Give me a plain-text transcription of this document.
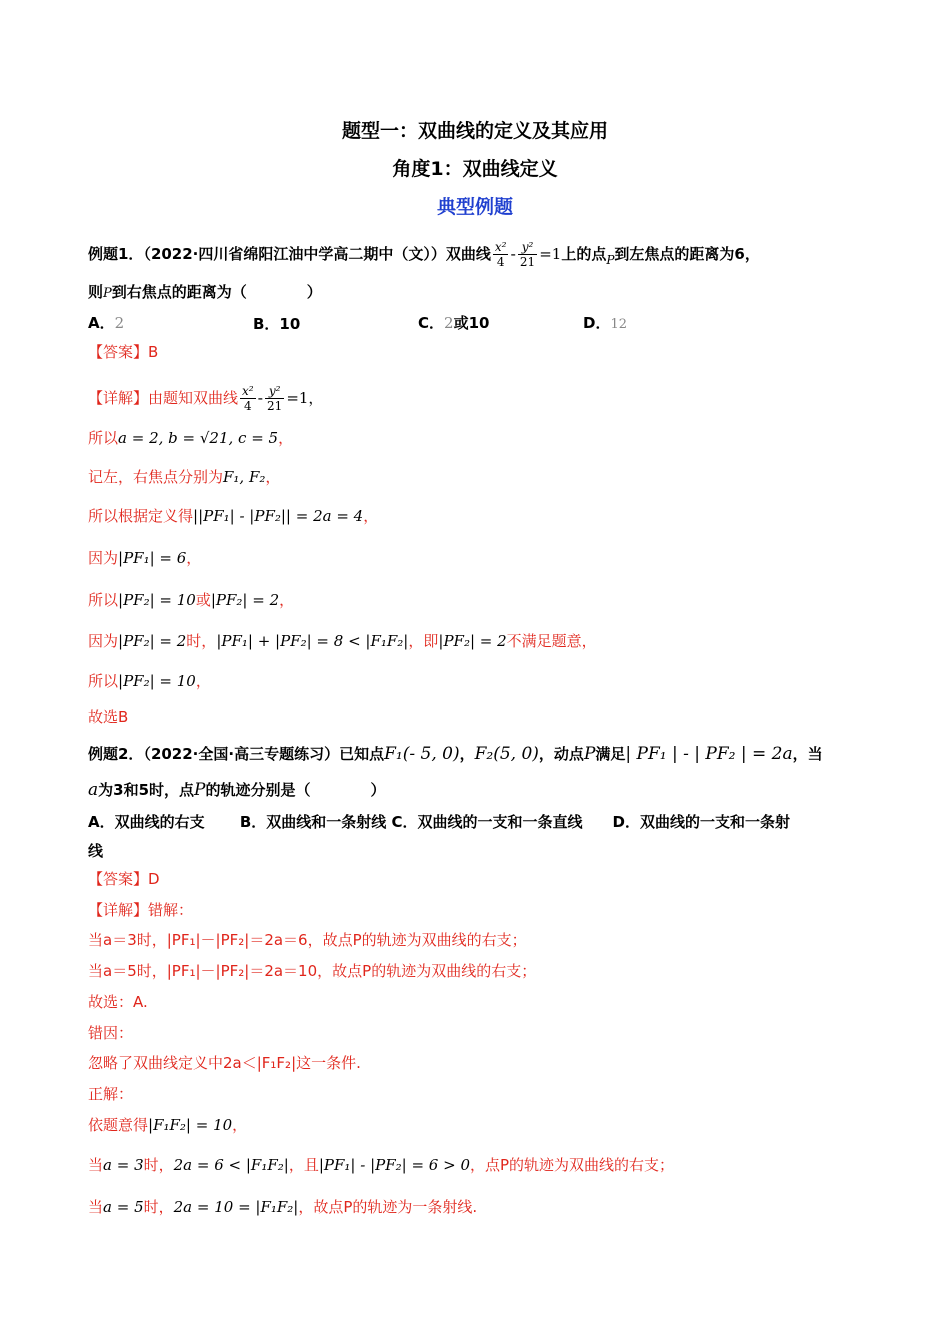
题型一：双曲线的定义及其应用
角度1：双曲线定义
典型例题
例题1．（2022·四川省绵阳江油中学高二期中（文））双曲线 $\frac{\text{x²}}{4} - \frac{\text{y²}}{21} =1$上的点$_P$到左焦点的距离为6，
则P到右焦点的距离为（　　　　）
A．2	B．10	C．2或10	D．12
【答案】B
【详解】由题知双曲线 $\frac{\text{x²}}{4} - \frac{\text{y²}}{21} =1$，
所以a = 2, b = √21, c = 5，
记左，右焦点分别为F₁, F₂，
所以根据定义得||PF₁| - |PF₂|| = 2a = 4，
因为|PF₁| = 6，
所以|PF₂| = 10或|PF₂| = 2，
因为|PF₂| = 2时，|PF₁| + |PF₂| = 8 < |F₁F₂|，即|PF₂| = 2不满足题意，
所以|PF₂| = 10，
故选B
例题2．（2022·全国·高三专题练习）已知点F₁(- 5, 0)，F₂(5, 0)，动点P满足| PF₁ | - | PF₂ | = 2a，当
a为3和5时，点P的轨迹分别是（　　　　）
A．双曲线的右支　　 B．双曲线和一条射线 C．双曲线的一支和一条直线　　D．双曲线的一支和一条射
线
【答案】D
【详解】错解：
当a＝3时，|PF₁|－|PF₂|＝2a＝6，故点P的轨迹为双曲线的右支；
当a＝5时，|PF₁|－|PF₂|＝2a＝10，故点P的轨迹为双曲线的右支；
故选：A.
错因：
忽略了双曲线定义中2a＜|F₁F₂|这一条件.
正解：
依题意得|F₁F₂| = 10，
当a = 3时，2a = 6 < |F₁F₂|，且|PF₁| - |PF₂| = 6 > 0，点P的轨迹为双曲线的右支；
当a = 5时，2a = 10 = |F₁F₂|，故点P的轨迹为一条射线.
